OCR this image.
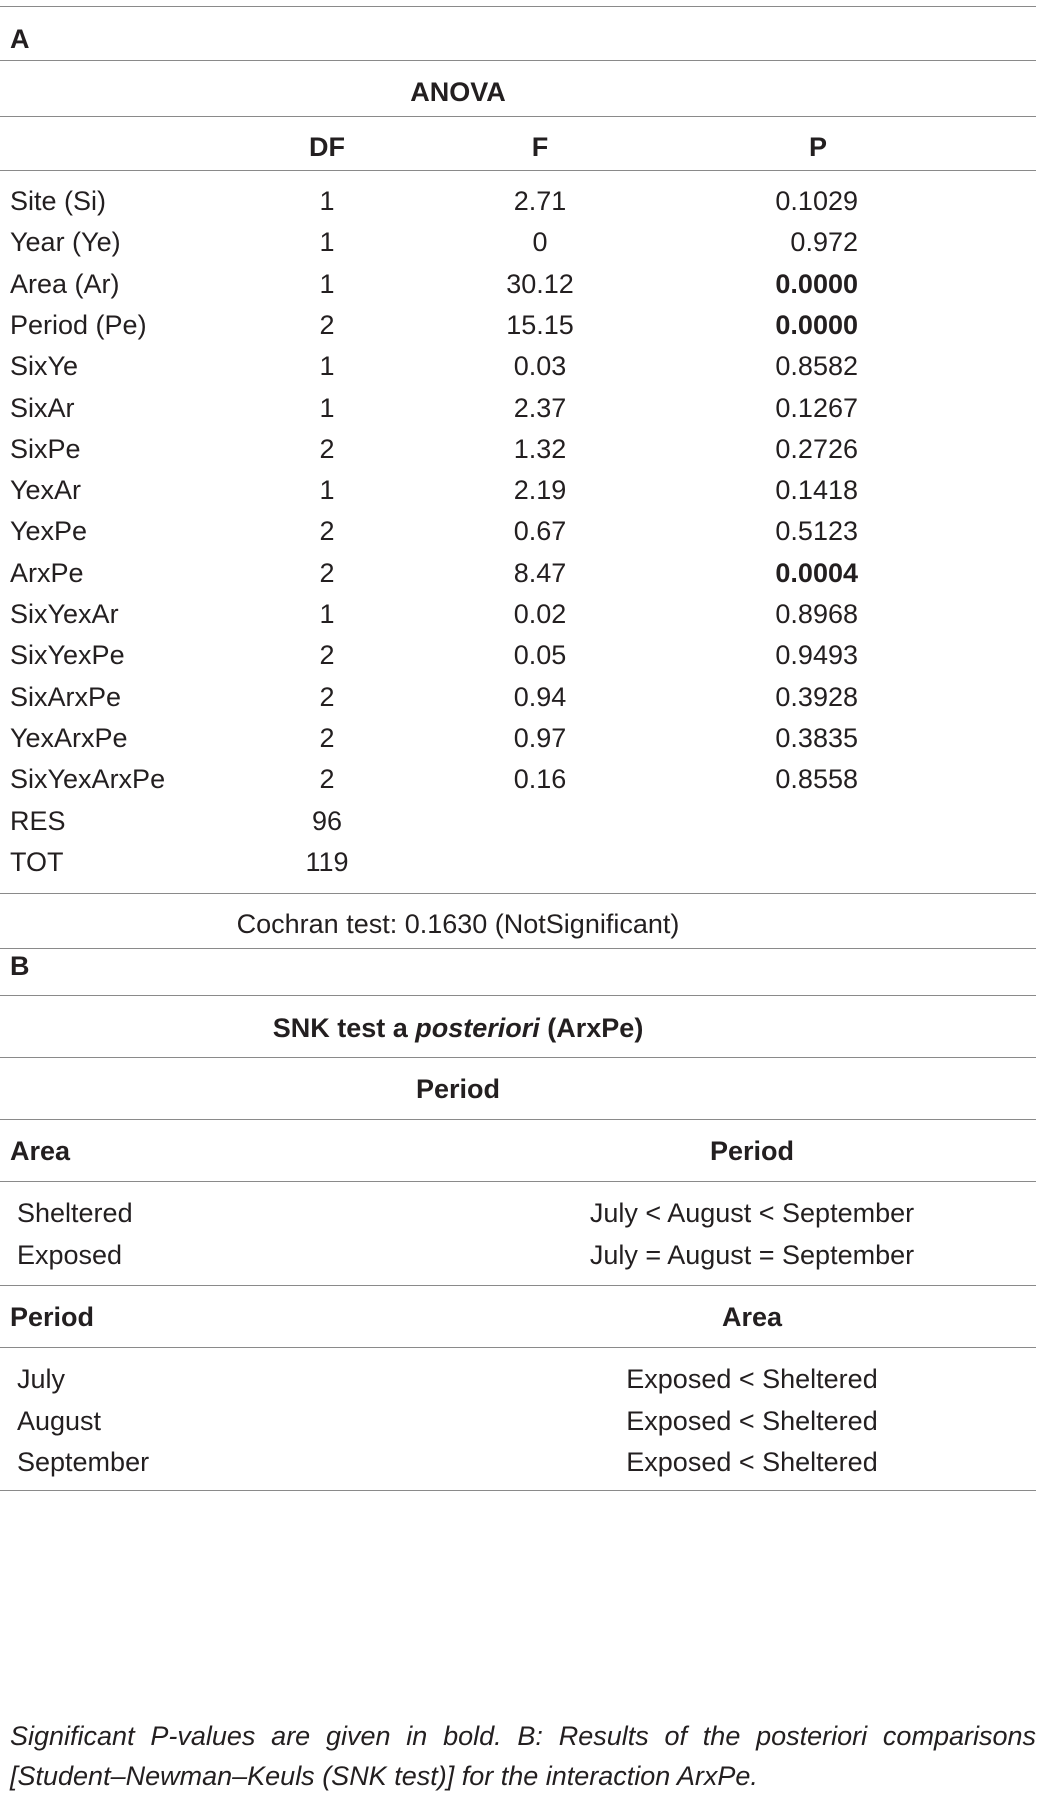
A
ANOVA
DF	F	P
Site (Si)	1	2.71	0.1029
Year (Ye)	1	0	0.972
Area (Ar)	1	30.12	0.0000
Period (Pe)	2	15.15	0.0000
SixYe	1	0.03	0.8582
SixAr	1	2.37	0.1267
SixPe	2	1.32	0.2726
YexAr	1	2.19	0.1418
YexPe	2	0.67	0.5123
ArxPe	2	8.47	0.0004
SixYexAr	1	0.02	0.8968
SixYexPe	2	0.05	0.9493
SixArxPe	2	0.94	0.3928
YexArxPe	2	0.97	0.3835
SixYexArxPe	2	0.16	0.8558
RES	96
TOT	119
Cochran test: 0.1630 (NotSignificant)
B
SNK test a posteriori (ArxPe)
Period
Area	Period
Sheltered	July < August < September
Exposed	July = August = September
Period	Area
July	Exposed < Sheltered
August	Exposed < Sheltered
September	Exposed < Sheltered
Significant P-values are given in bold. B: Results of the posteriori comparisons [Student–Newman–Keuls (SNK test)] for the interaction ArxPe.
